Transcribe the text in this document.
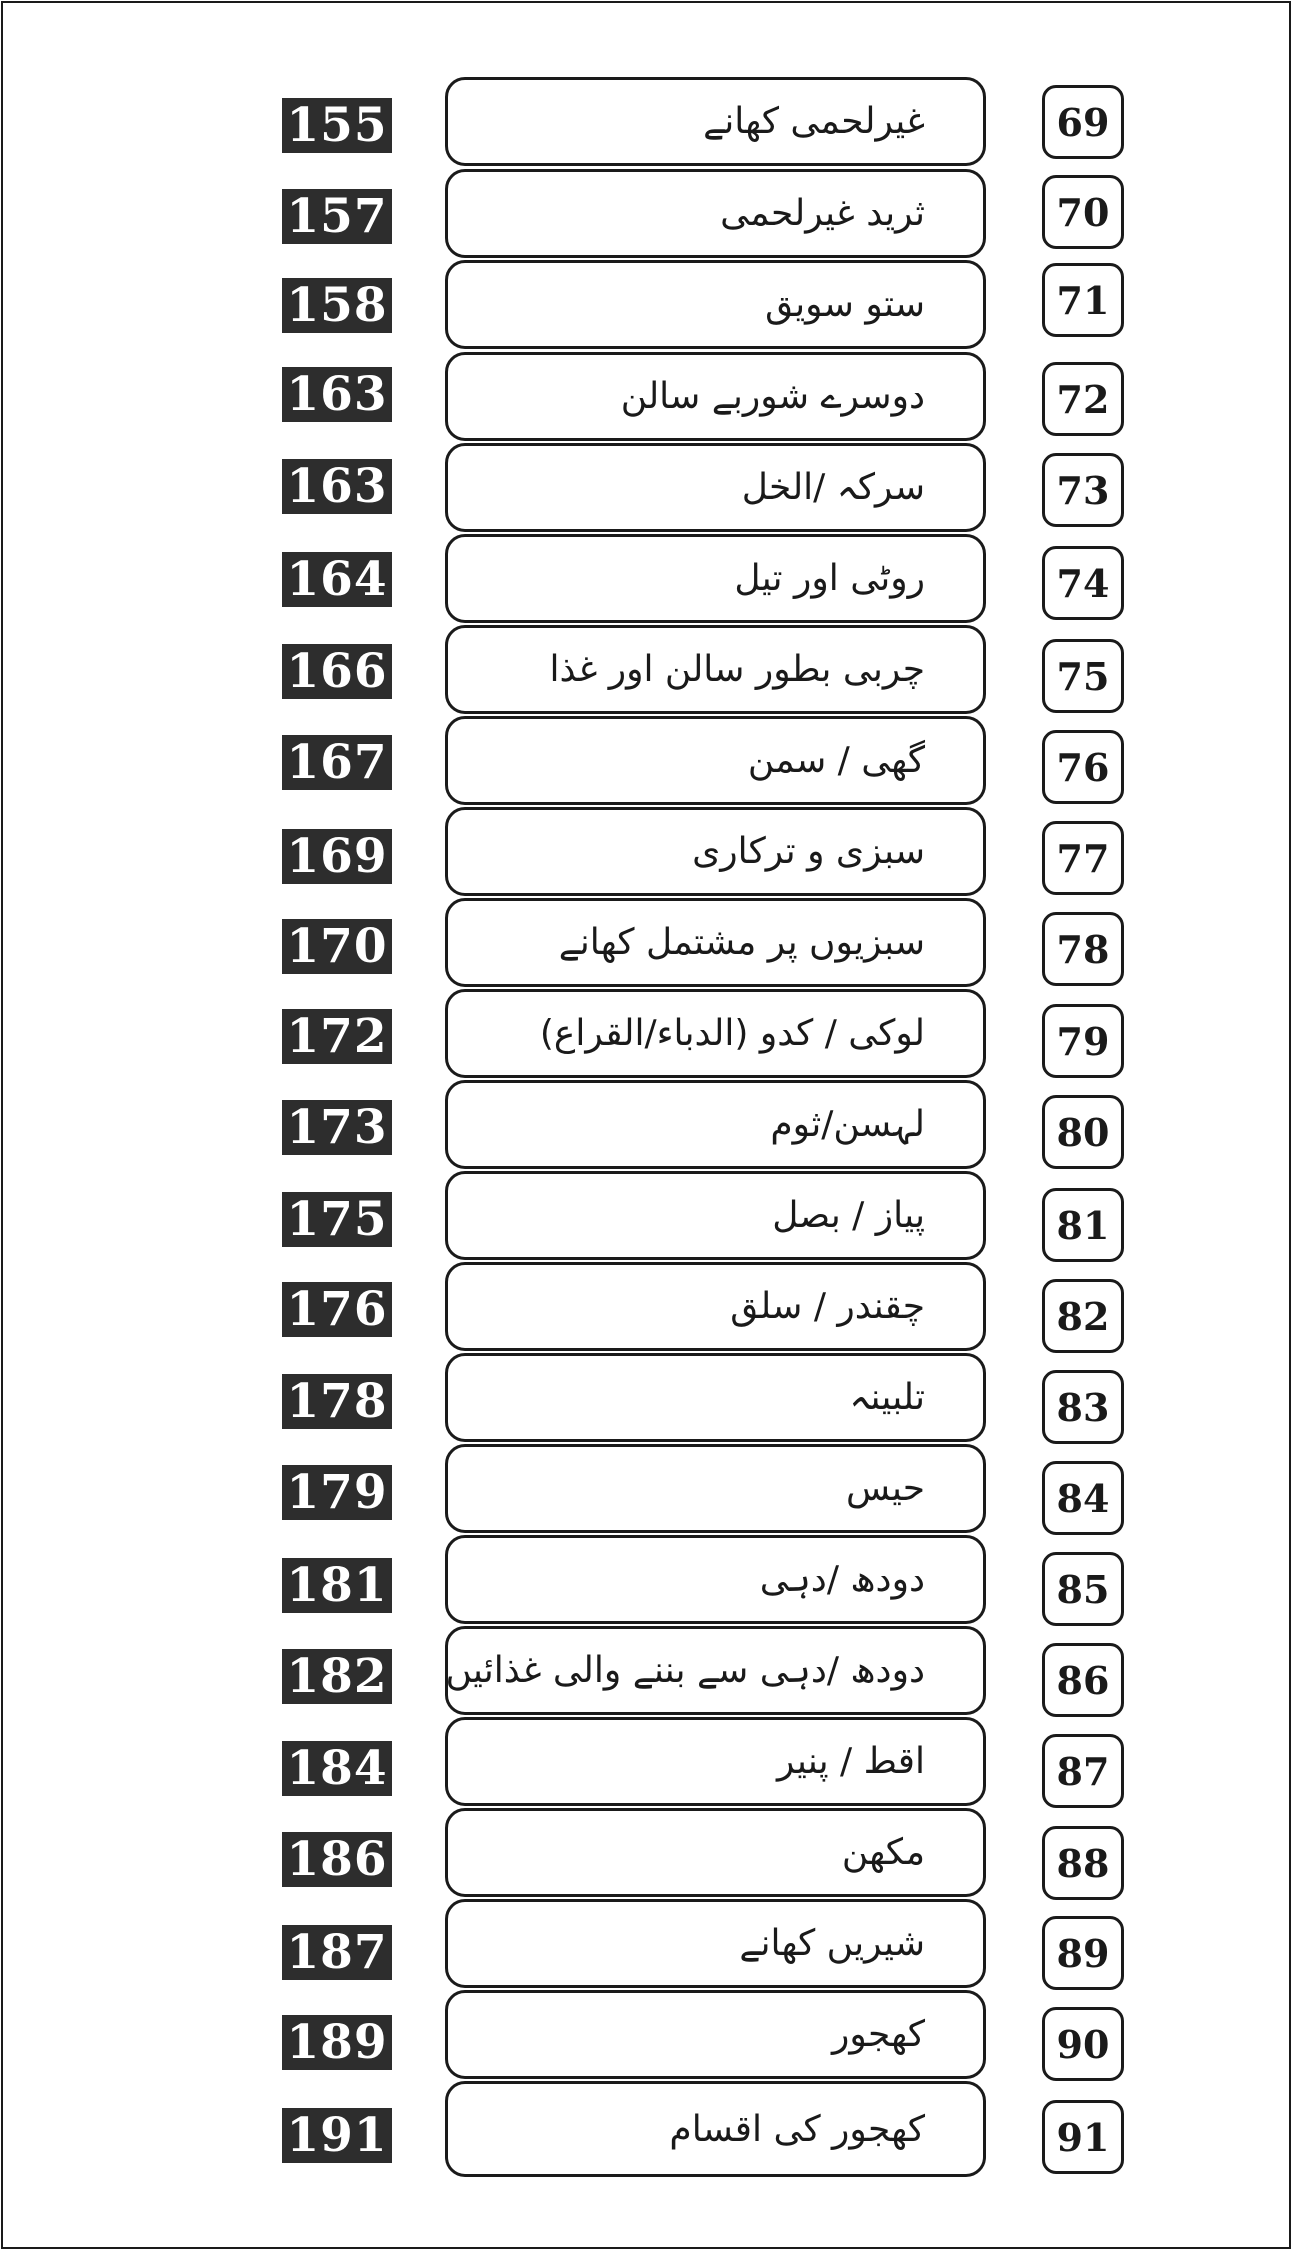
155	غیرلحمی کھانے	69
157	ثرید غیرلحمی	70
158	ستو سویق	71
163	دوسرے شوربے سالن	72
163	سرکہ /الخل	73
164	روٹی اور تیل	74
166	چربی بطور سالن اور غذا	75
167	گھی / سمن	76
169	سبزی و ترکاری	77
170	سبزیوں پر مشتمل کھانے	78
172	لوکی / کدو (الدباء/القراع)	79
173	لہسن/ثوم	80
175	پیاز / بصل	81
176	چقندر / سلق	82
178	تلبینہ	83
179	حیس	84
181	دودھ /دہی	85
182 دودھ /دہی سے بننے والی غذائیں	86
184	اقط / پنیر	87
186	مکھن	88
187	شیریں کھانے	89
189	کھجور	90
191	کھجور کی اقسام	91
